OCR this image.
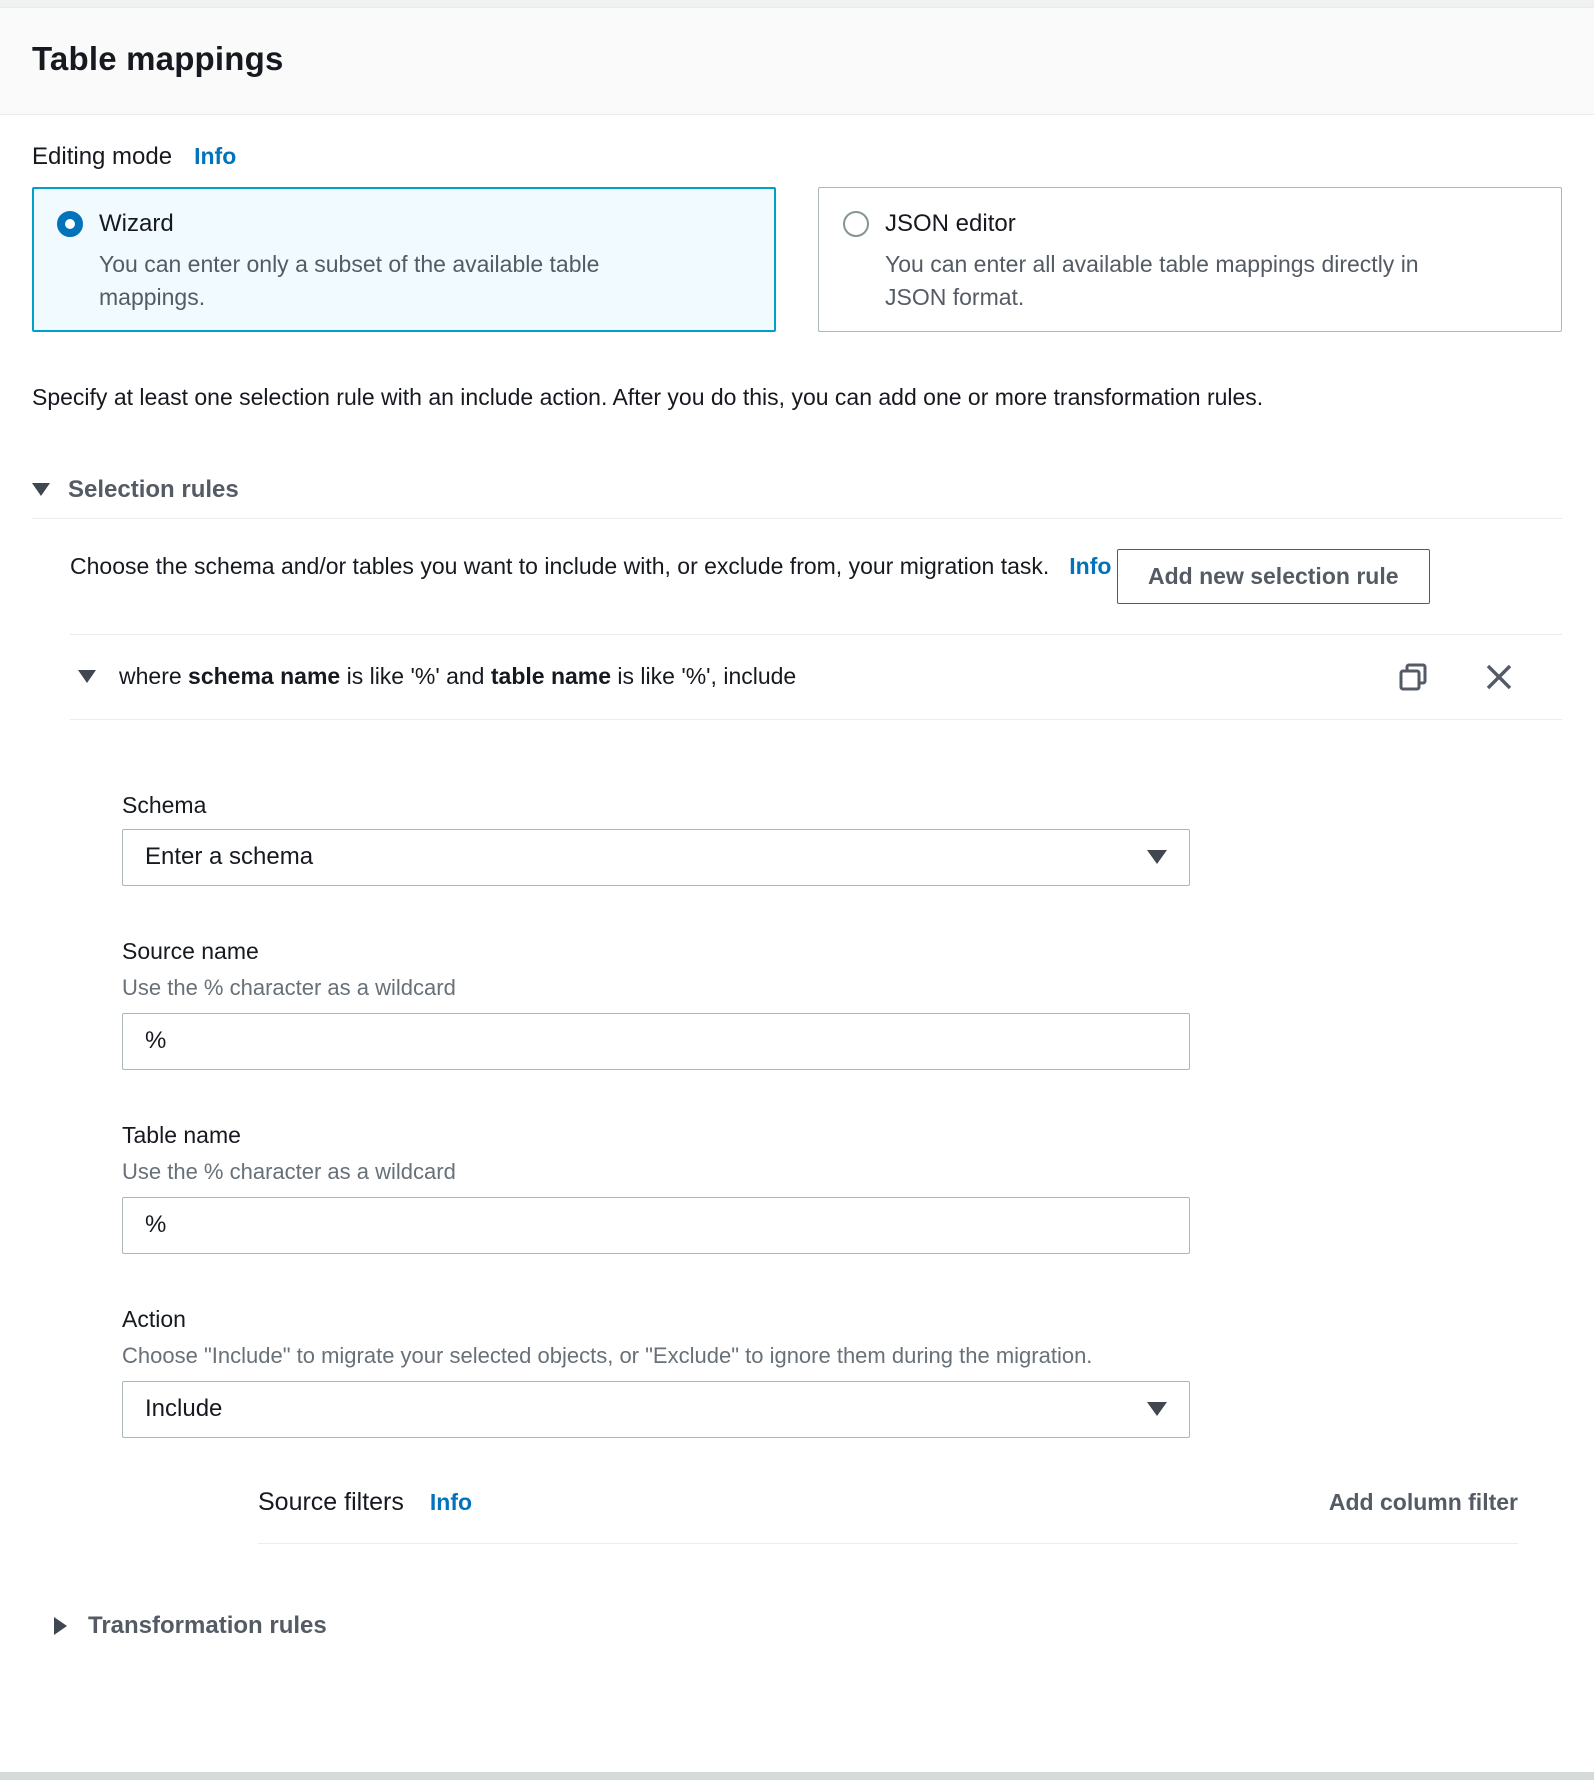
Table mappings
Editing mode Info
Wizard
You can enter only a subset of the available table mappings.
JSON editor
You can enter all available table mappings directly in JSON format.

Specify at least one selection rule with an include action. After you do this, you can add one or more transformation rules.

Selection rules
Choose the schema and/or tables you want to include with, or exclude from, your migration task. Info	Add new selection rule
where schema name is like '%' and table name is like '%', include
Schema
Enter a schema
Source name
Use the % character as a wildcard
%
Table name
Use the % character as a wildcard
%
Action
Choose "Include" to migrate your selected objects, or "Exclude" to ignore them during the migration.
Include
Source filters Info	Add column filter
Transformation rules
